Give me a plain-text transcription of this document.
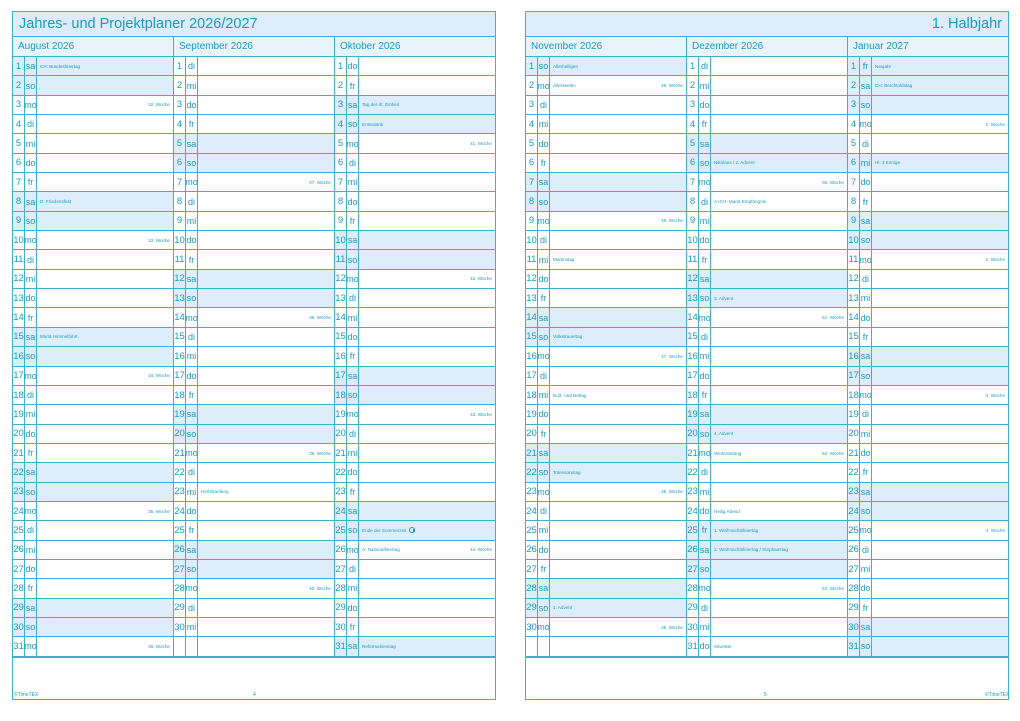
Jahres- und Projektplaner 2026/2027
August 2026
1 sa	CH: Bundesfeiertag
2 so
3 mo	32. Woche
4 di
5 mi
6 do
7 fr
8 sa	D: Friedensfest
9 so
10 mo	33. Woche
11 di
12 mi
13 do
14 fr
15 sa	Mariä Himmelfahrt
16 so
17 mo	34. Woche
18 di
19 mi
20 do
21 fr
22 sa
23 so
24 mo	35. Woche
25 di
26 mi
27 do
28 fr
29 sa
30 so
31 mo	36. Woche
September 2026
1 di
2 mi
3 do
4 fr
5 sa
6 so
7 mo	37. Woche
8 di
9 mi
10 do
11 fr
12 sa
13 so
14 mo	38. Woche
15 di
16 mi
17 do
18 fr
19 sa
20 so
21 mo	39. Woche
22 di
23 mi	Herbstanfang
24 do
25 fr
26 sa
27 so
28 mo	40. Woche
29 di
30 mi
Oktober 2026
1 do
2 fr
3 sa	Tag der dt. Einheit
4 so	Erntedank
5 mo	41. Woche
6 di
7 mi
8 do
9 fr
10 sa
11 so
12 mo	42. Woche
13 di
14 mi
15 do
16 fr
17 sa
18 so
19 mo	43. Woche
20 di
21 mi
22 do
23 fr
24 sa
25 so	Ende der Sommerzeit
26 mo A: Nationalfeiertag	44. Woche
27 di
28 mi
29 do
30 fr
31 sa	Reformationstag
©TimeTEX	4
1. Halbjahr
November 2026
1 so	Allerheiligen
2 mo Allerseelen	45. Woche
3 di
4 mi
5 do
6 fr
7 sa
8 so
9 mo	46. Woche
10 di
11 mi	Martinstag
12 do
13 fr
14 sa
15 so	Volkstrauertag
16 mo	47. Woche
17 di
18 mi	Buß- und Bettag
19 do
20 fr
21 sa
22 so	Totensonntag
23 mo	48. Woche
24 di
25 mi
26 do
27 fr
28 sa
29 so	1. Advent
30 mo	49. Woche
Dezember 2026
1 di
2 mi
3 do
4 fr
5 sa
6 so	Nikolaus / 2. Advent
7 mo	50. Woche
8 di	A+CH: Mariä Empfängnis
9 mi
10 do
11 fr
12 sa
13 so	3. Advent
14 mo	51. Woche
15 di
16 mi
17 do
18 fr
19 sa
20 so	4. Advent
21 mo Winteranfang	52. Woche
22 di
23 mi
24 do Heilig Abend
25 fr	1. Weihnachtsfeiertag
26 sa	2. Weihnachtsfeiertag / Stephanstag
27 so
28 mo	53. Woche
29 di
30 mi
31 do Silvester
Januar 2027
1 fr	Neujahr
2 sa	CH: Berchtoldstag
3 so
4 mo	1. Woche
5 di
6 mi	Hl. 3 Könige
7 do
8 fr
9 sa
10 so
11 mo	2. Woche
12 di
13 mi
14 do
15 fr
16 sa
17 so
18 mo	3. Woche
19 di
20 mi
21 do
22 fr
23 sa
24 so
25 mo	4. Woche
26 di
27 mi
28 do
29 fr
30 sa
31 so
5	©TimeTEX
